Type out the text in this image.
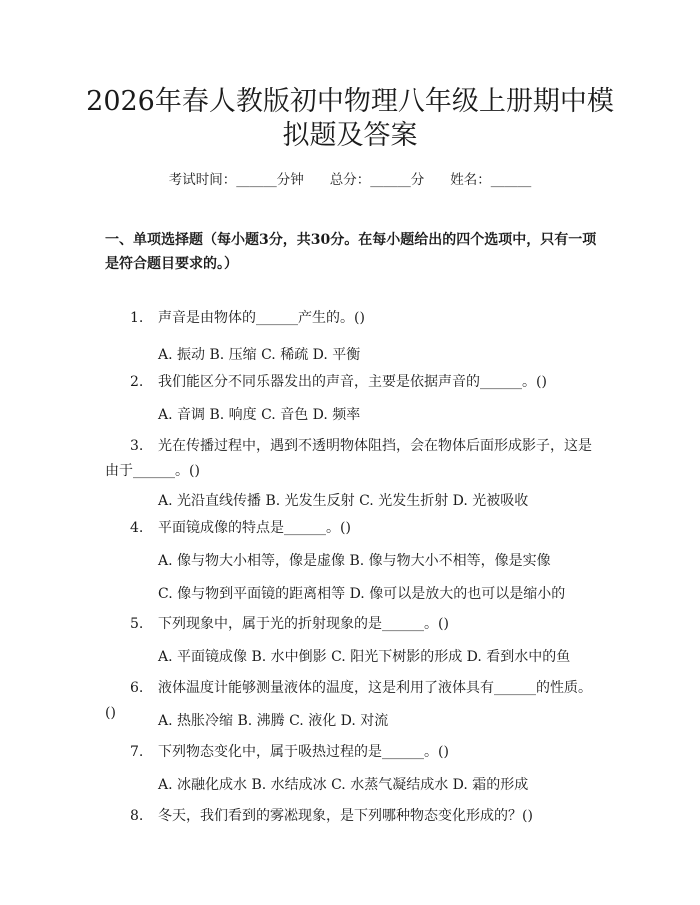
2026年春人教版初中物理八年级上册期中模
拟题及答案
考试时间：______分钟 总分：______分 姓名：______

一、单项选择题（每小题3分，共30分。在每小题给出的四个选项中，只有一项是符合题目要求的。）

1. 声音是由物体的______产生的。()

A. 振动 B. 压缩 C. 稀疏 D. 平衡

2. 我们能区分不同乐器发出的声音，主要是依据声音的______。()

A. 音调 B. 响度 C. 音色 D. 频率

3. 光在传播过程中，遇到不透明物体阻挡，会在物体后面形成影子，这是由于______。()

A. 光沿直线传播 B. 光发生反射 C. 光发生折射 D. 光被吸收

4. 平面镜成像的特点是______。()

A. 像与物大小相等，像是虚像 B. 像与物大小不相等，像是实像

C. 像与物到平面镜的距离相等 D. 像可以是放大的也可以是缩小的

5. 下列现象中，属于光的折射现象的是______。()

A. 平面镜成像 B. 水中倒影 C. 阳光下树影的形成 D. 看到水中的鱼

6. 液体温度计能够测量液体的温度，这是利用了液体具有______的性质。()	A. 热胀冷缩 B. 沸腾 C. 液化 D. 对流

7. 下列物态变化中，属于吸热过程的是______。()

A. 冰融化成水 B. 水结成冰 C. 水蒸气凝结成水 D. 霜的形成

8. 冬天，我们看到的雾凇现象，是下列哪种物态变化形成的？()
